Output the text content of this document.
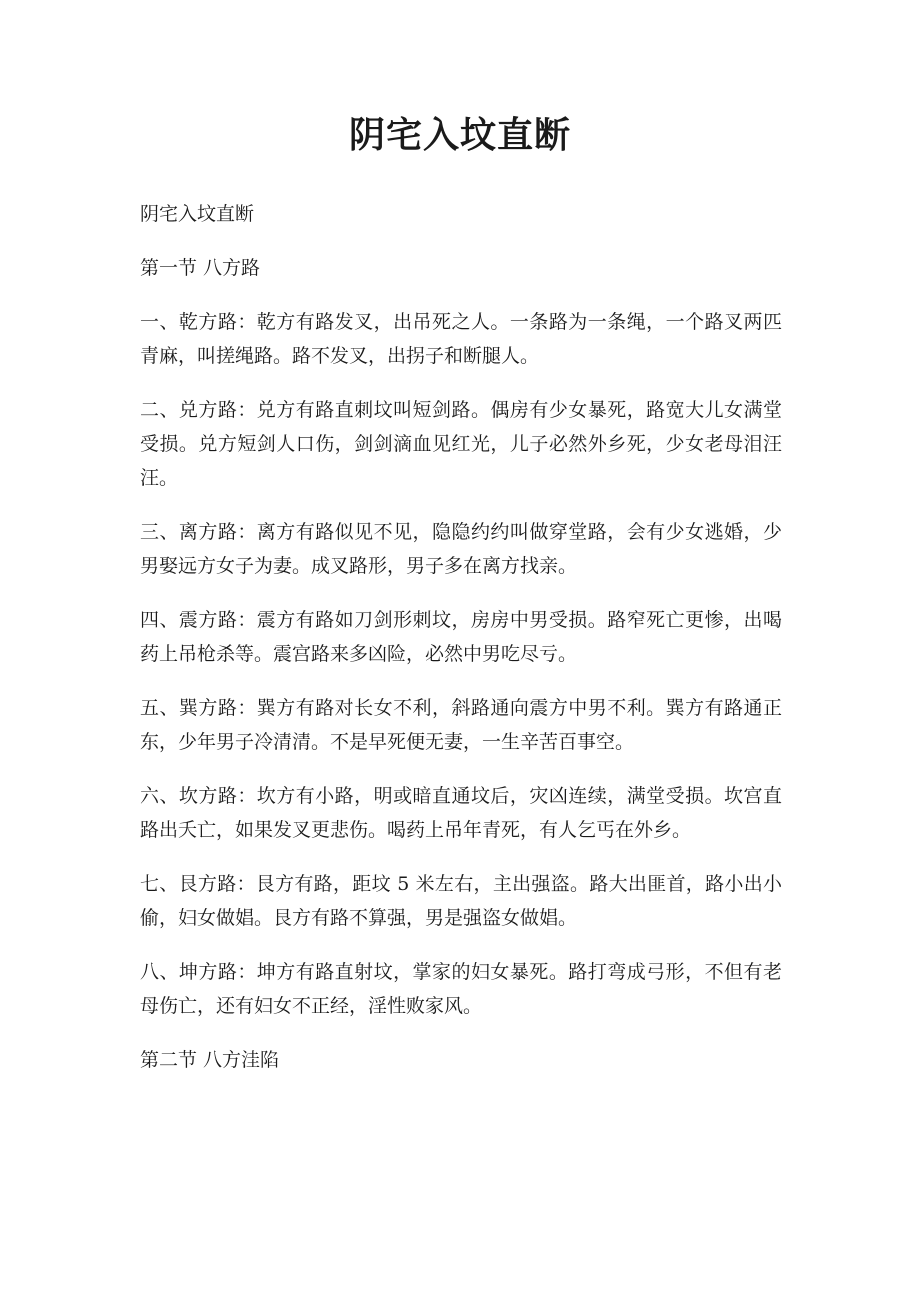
阴宅入坟直断

阴宅入坟直断

第一节 八方路

一、乾方路：乾方有路发叉，出吊死之人。一条路为一条绳，一个路叉两匹青麻，叫搓绳路。路不发叉，出拐子和断腿人。

二、兑方路：兑方有路直刺坟叫短剑路。偶房有少女暴死，路宽大儿女满堂受损。兑方短剑人口伤，剑剑滴血见红光，儿子必然外乡死，少女老母泪汪汪。

三、离方路：离方有路似见不见，隐隐约约叫做穿堂路，会有少女逃婚，少男娶远方女子为妻。成叉路形，男子多在离方找亲。

四、震方路：震方有路如刀剑形刺坟，房房中男受损。路窄死亡更惨，出喝药上吊枪杀等。震宫路来多凶险，必然中男吃尽亏。

五、巽方路：巽方有路对长女不利，斜路通向震方中男不利。巽方有路通正东，少年男子冷清清。不是早死便无妻，一生辛苦百事空。

六、坎方路：坎方有小路，明或暗直通坟后，灾凶连续，满堂受损。坎宫直路出夭亡，如果发叉更悲伤。喝药上吊年青死，有人乞丐在外乡。

七、艮方路：艮方有路，距坟 5 米左右，主出强盗。路大出匪首，路小出小偷，妇女做娼。艮方有路不算强，男是强盗女做娼。

八、坤方路：坤方有路直射坟，掌家的妇女暴死。路打弯成弓形，不但有老母伤亡，还有妇女不正经，淫性败家风。

第二节 八方洼陷
